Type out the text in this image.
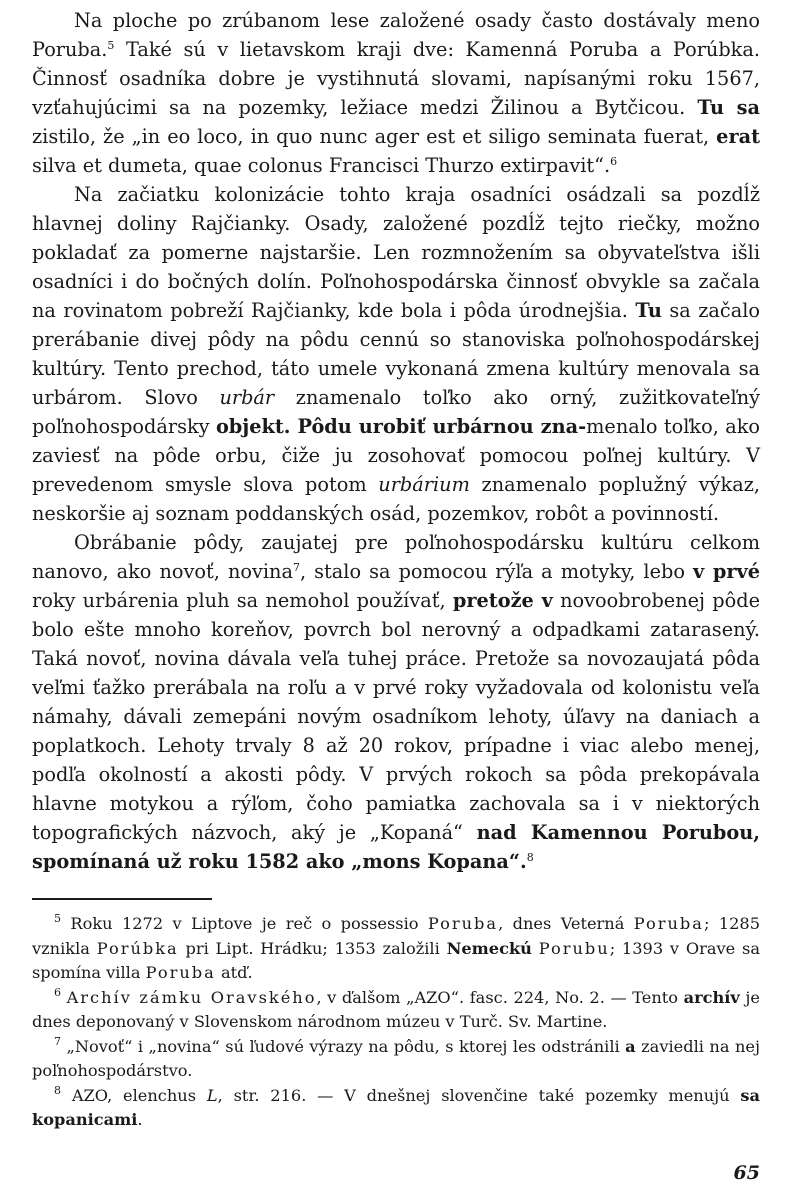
Na ploche po zrúbanom lese založené osady často dostávaly meno Poruba.$^5$ Také sú v lietavskom kraji dve: Kamenná Poruba a Porúbka. Činnosť osadníka dobre je vystihnutá slovami, napísanými roku 1567, vzťahujúcimi sa na pozemky, ležiace medzi Žilinou a Bytčicou. Tu sa zistilo, že „in eo loco, in quo nunc ager est et siligo seminata fuerat, erat silva et dumeta, quae colonus Francisci Thurzo extirpavit“.$^6$

Na začiatku kolonizácie tohto kraja osadníci osádzali sa pozdĺž hlavnej doliny Rajčianky. Osady, založené pozdĺž tejto riečky, možno pokladať za pomerne najstaršie. Len rozmnožením sa obyvateľstva išli osadníci i do bočných dolín. Poľnohospodárska činnosť obvykle sa začala na rovinatom pobreží Rajčianky, kde bola i pôda úrodnejšia. Tu sa začalo prerábanie divej pôdy na pôdu cennú so stanoviska poľnohospodárskej kultúry. Tento prechod, táto umele vykonaná zmena kultúry menovala sa urbárom. Slovo urbár znamenalo toľko ako orný, zužitkovateľný poľnohospodársky objekt. Pôdu urobiť urbárnou zna-menalo toľko, ako zaviesť na pôde orbu, čiže ju zosohovať pomocou poľnej kultúry. V prevedenom smysle slova potom urbárium znamenalo poplužný výkaz, neskoršie aj soznam poddanských osád, pozemkov, robôt a povinností.

Obrábanie pôdy, zaujatej pre poľnohospodársku kultúru celkom nanovo, ako novoť, novina$^7$, stalo sa pomocou rýľa a motyky, lebo v prvé roky urbárenia pluh sa nemohol používať, pretože v novoobrobenej pôde bolo ešte mnoho koreňov, povrch bol nerovný a odpadkami zatarasený. Taká novoť, novina dávala veľa tuhej práce. Pretože sa novozaujatá pôda veľmi ťažko prerábala na roľu a v prvé roky vyžadovala od kolonistu veľa námahy, dávali zemepáni novým osadníkom lehoty, úľavy na daniach a poplatkoch. Lehoty trvaly 8 až 20 rokov, prípadne i viac alebo menej, podľa okolností a akosti pôdy. V prvých rokoch sa pôda prekopávala hlavne motykou a rýľom, čoho pamiatka zachovala sa i v niektorých topografických názvoch, aký je „Kopaná“ nad Kamennou Porubou, spomínaná už roku 1582 ako „mons Kopana“.$^8$

$^5$ Roku 1272 v Liptove je reč o possessio Poruba, dnes Veterná Poruba; 1285 vznikla Porúbka pri Lipt. Hrádku; 1353 založili Nemeckú Porubu; 1393 v Orave sa spomína villa Poruba atď.

$^6$ Archív zámku Oravského, v ďalšom „AZO“. fasc. 224, No. 2. — Tento archív je dnes deponovaný v Slovenskom národnom múzeu v Turč. Sv. Martine.

$^7$ „Novoť“ i „novina“ sú ľudové výrazy na pôdu, s ktorej les odstránili a zaviedli na nej poľnohospodárstvo.

$^8$ AZO, elenchus L, str. 216. — V dnešnej slovenčine také pozemky menujú sa kopanicami.

65
